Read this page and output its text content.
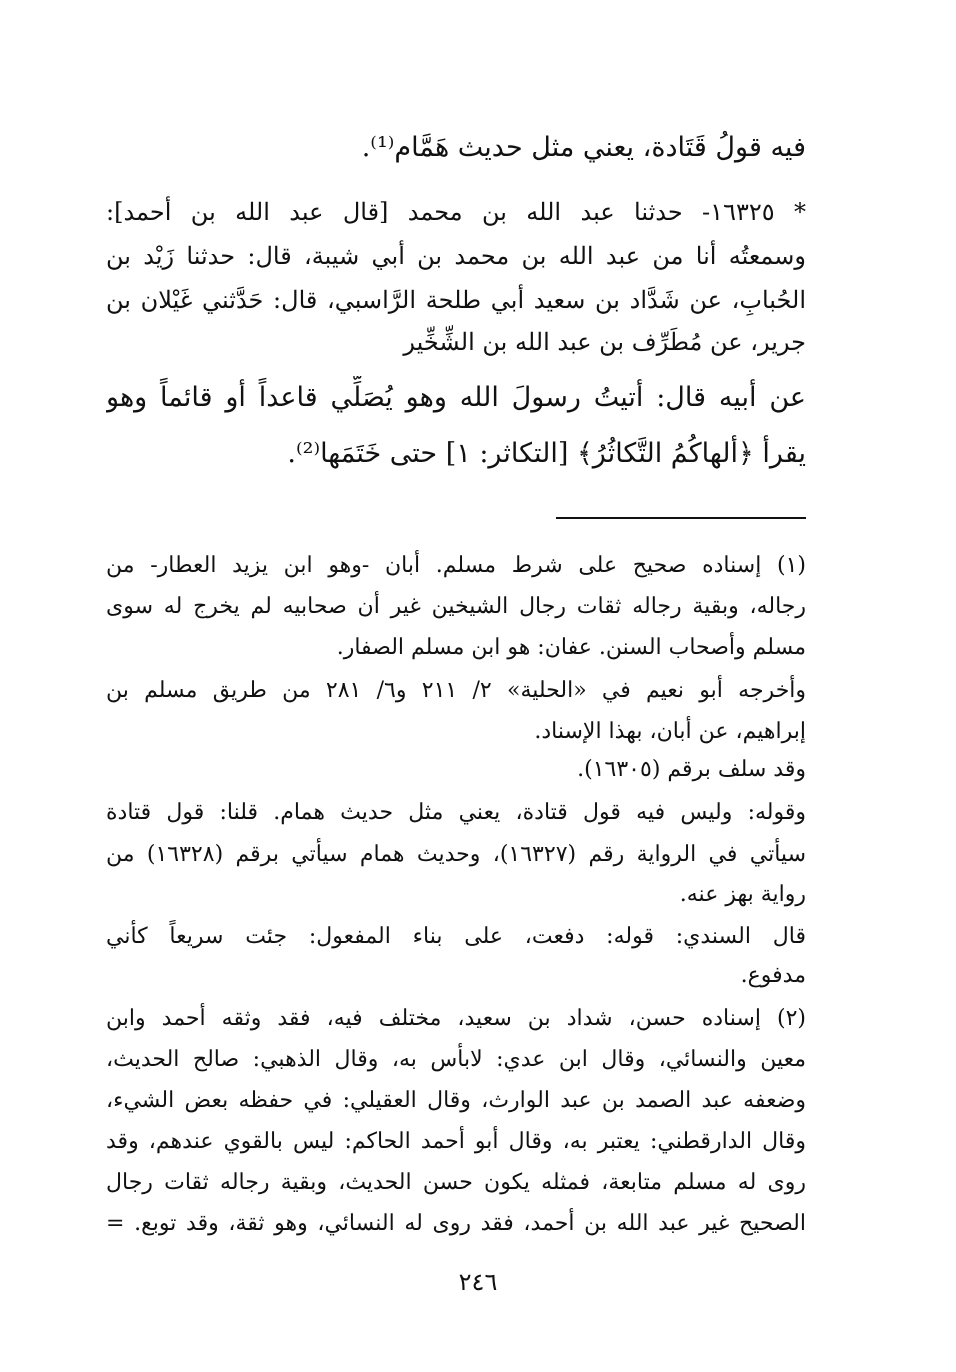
فيه قولُ قَتَادة، يعني مثل حديث هَمَّام⁽¹⁾.
* ١٦٣٢٥- حدثنا عبد الله بن محمد [قال عبد الله بن أحمد]:
وسمعتُه أنا من عبد الله بن محمد بن أبي شيبة، قال: حدثنا زَيْد بن
الحُبابِ، عن شَدَّاد بن سعيد أبي طلحة الرَّاسبي، قال: حَدَّثني غَيْلان بن
جرير، عن مُطَرِّف بن عبد الله بن الشِّخِّير
عن أبيه قال: أتيتُ رسولَ الله وهو يُصَلِّي قاعداً أو قائماً وهو
يقرأ ﴿ألهاكُمُ التَّكاثُرُ﴾ [التكاثر: ١] حتى خَتَمَها⁽²⁾.
(١) إسناده صحيح على شرط مسلم. أبان -وهو ابن يزيد العطار- من
رجاله، وبقية رجاله ثقات رجال الشيخين غير أن صحابيه لم يخرج له سوى
مسلم وأصحاب السنن. عفان: هو ابن مسلم الصفار.
وأخرجه أبو نعيم في «الحلية» ٢/ ٢١١ و٦/ ٢٨١ من طريق مسلم بن
إبراهيم، عن أبان، بهذا الإسناد.
وقد سلف برقم (١٦٣٠٥).
وقوله: وليس فيه قول قتادة، يعني مثل حديث همام. قلنا: قول قتادة
سيأتي في الرواية رقم (١٦٣٢٧)، وحديث همام سيأتي برقم (١٦٣٢٨) من
رواية بهز عنه.
قال السندي: قوله: دفعت، على بناء المفعول: جئت سريعاً كأني
مدفوع.
(٢) إسناده حسن، شداد بن سعيد، مختلف فيه، فقد وثقه أحمد وابن
معين والنسائي، وقال ابن عدي: لابأس به، وقال الذهبي: صالح الحديث،
وضعفه عبد الصمد بن عبد الوارث، وقال العقيلي: في حفظه بعض الشيء،
وقال الدارقطني: يعتبر به، وقال أبو أحمد الحاكم: ليس بالقوي عندهم، وقد
روى له مسلم متابعة، فمثله يكون حسن الحديث، وبقية رجاله ثقات رجال
الصحيح غير عبد الله بن أحمد، فقد روى له النسائي، وهو ثقة، وقد توبع. =
٢٤٦
